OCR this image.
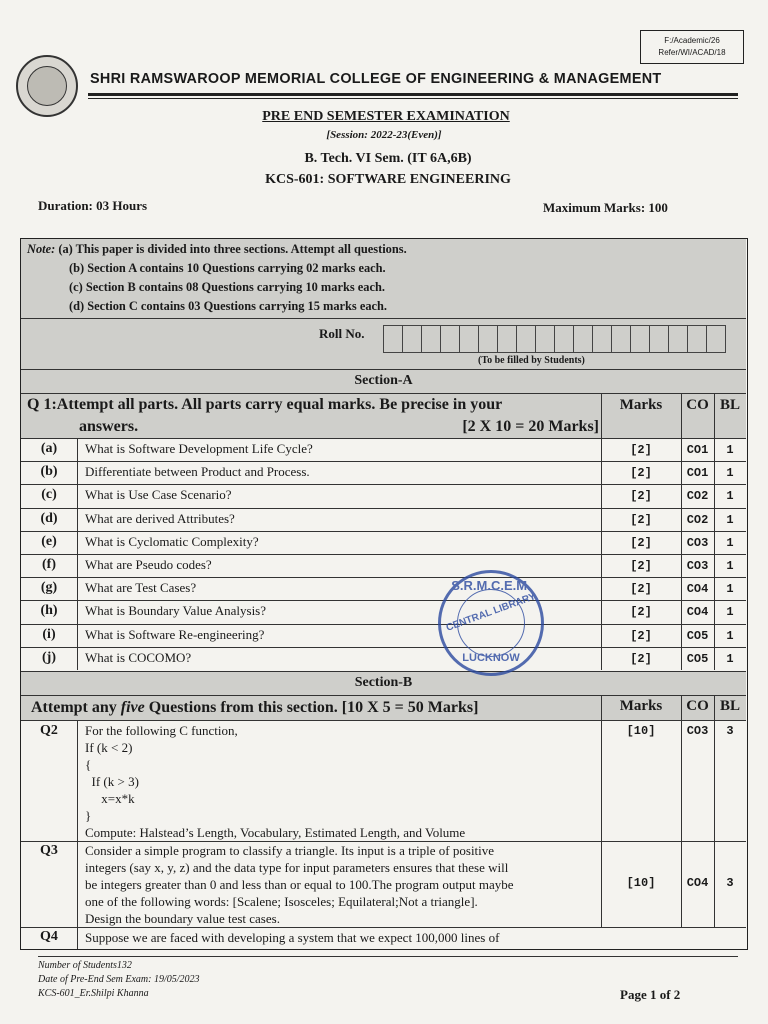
F:/Academic/26
Refer/WI/ACAD/18
SHRI RAMSWAROOP MEMORIAL COLLEGE OF ENGINEERING & MANAGEMENT
PRE END SEMESTER EXAMINATION
[Session: 2022-23(Even)]
B. Tech. VI Sem. (IT 6A,6B)
KCS-601: SOFTWARE ENGINEERING
Duration: 03 Hours	Maximum Marks: 100
Note: (a) This paper is divided into three sections. Attempt all questions.
(b) Section A contains 10 Questions carrying 02 marks each.
(c) Section B contains 08 Questions carrying 10 marks each.
(d) Section C contains 03 Questions carrying 15 marks each.
Roll No.
(To be filled by Students)
Section-A
Q 1:Attempt all parts. All parts carry equal marks. Be precise in your
answers.	[2 X 10 = 20 Marks]
Marks	CO BL
(a)	What is Software Development Life Cycle?	[2]	CO1	1
(b)	Differentiate between Product and Process.	[2]	CO1	1
(c)	What is Use Case Scenario?	[2]	CO2	1
(d)	What are derived Attributes?	[2]	CO2	1
(e)	What is Cyclomatic Complexity?	[2]	CO3	1
(f)	What are Pseudo codes?	[2]	CO3	1
(g)	What are Test Cases?	[2]	CO4	1
(h)	What is Boundary Value Analysis?	[2]	CO4	1
(i)	What is Software Re-engineering?	[2]	CO5	1
(j)	What is COCOMO?	[2]	CO5	1
Section-B
Attempt any five Questions from this section. [10 X 5 = 50 Marks]	Marks	CO BL
Q2	For the following C function,
If (k < 2)
{
If (k > 3)
x=x*k
}
Compute: Halstead’s Length, Vocabulary, Estimated Length, and Volume
[10]	CO3	3
Q3	Consider a simple program to classify a triangle. Its input is a triple of positive
integers (say x, y, z) and the data type for input parameters ensures that these will
be integers greater than 0 and less than or equal to 100.The program output maybe
one of the following words: [Scalene; Isosceles; Equilateral;Not a triangle].
Design the boundary value test cases.
[10]	CO4	3
Q4	Suppose we are faced with developing a system that we expect 100,000 lines of
S.R.M.C.E.M.
CENTRAL LIBRARY
LUCKNOW
Number of Students132
Date of Pre-End Sem Exam: 19/05/2023
KCS-601_Er.Shilpi Khanna	Page 1 of 2
